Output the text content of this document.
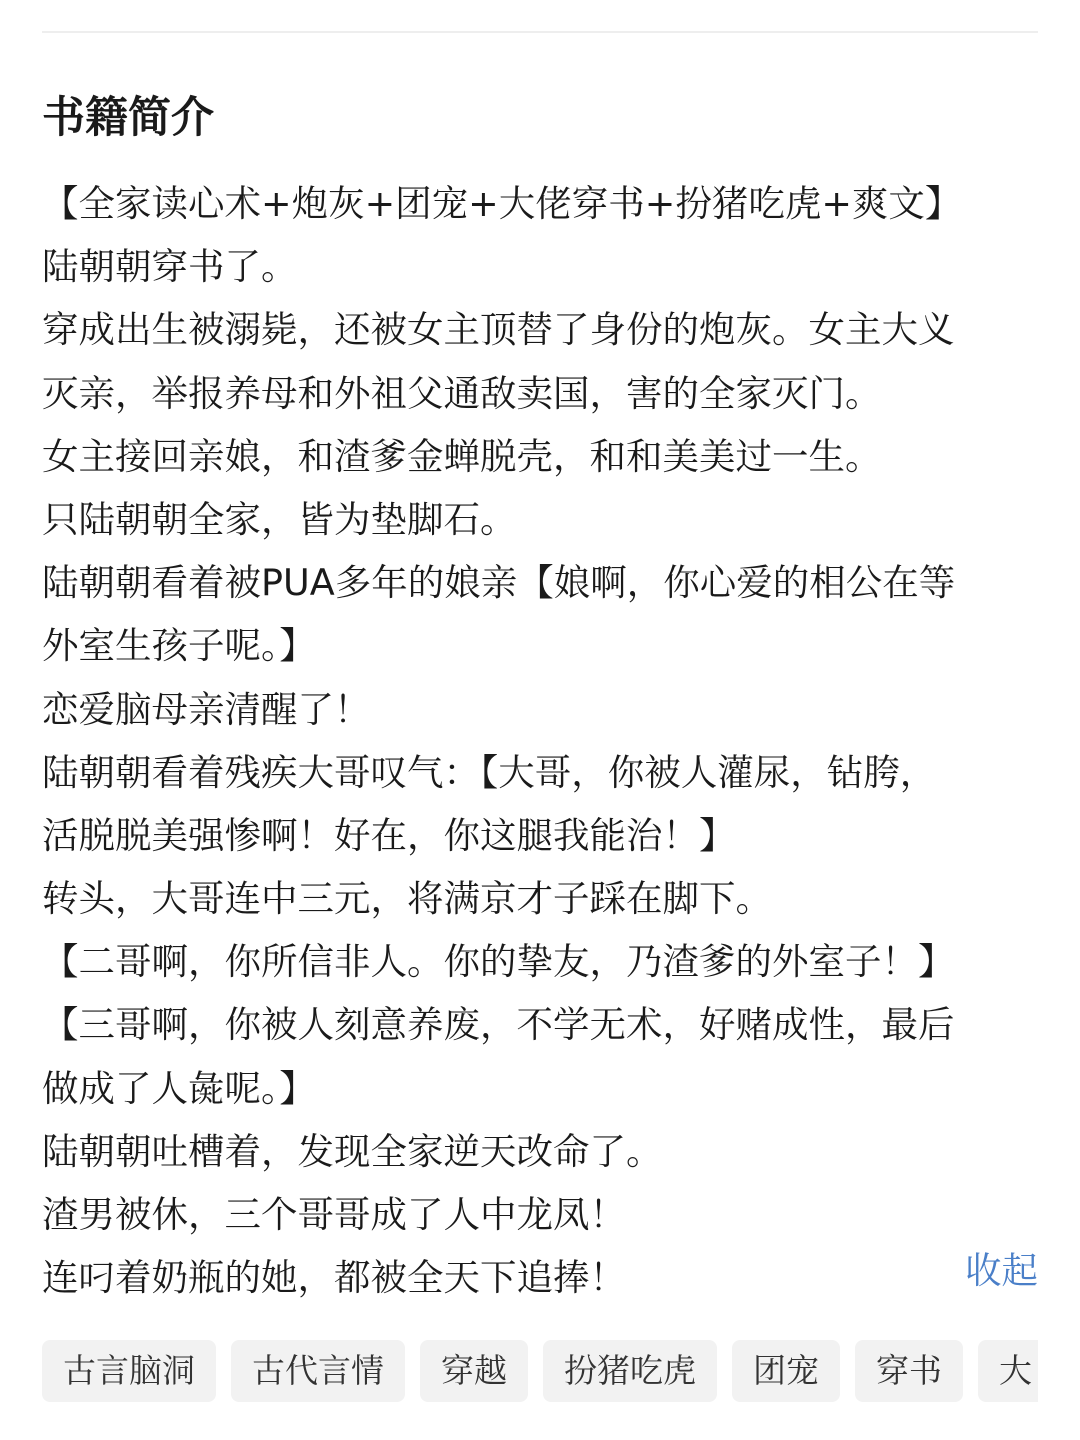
书籍简介
【全家读心术+炮灰+团宠+大佬穿书+扮猪吃虎+爽文】
陆朝朝穿书了。
穿成出生被溺毙，还被女主顶替了身份的炮灰。女主大义
灭亲，举报养母和外祖父通敌卖国，害的全家灭门。
女主接回亲娘，和渣爹金蝉脱壳，和和美美过一生。
只陆朝朝全家，皆为垫脚石。
陆朝朝看着被PUA多年的娘亲【娘啊，你心爱的相公在等
外室生孩子呢。】
恋爱脑母亲清醒了！
陆朝朝看着残疾大哥叹气：【大哥，你被人灌尿，钻胯，
活脱脱美强惨啊！好在，你这腿我能治！】
转头，大哥连中三元，将满京才子踩在脚下。
【二哥啊，你所信非人。你的挚友，乃渣爹的外室子！】
【三哥啊，你被人刻意养废，不学无术，好赌成性，最后
做成了人彘呢。】
陆朝朝吐槽着，发现全家逆天改命了。
渣男被休，三个哥哥成了人中龙凤！
连叼着奶瓶的她，都被全天下追捧！	收起
古言脑洞 古代言情 穿越 扮猪吃虎 团宠 穿书 大
